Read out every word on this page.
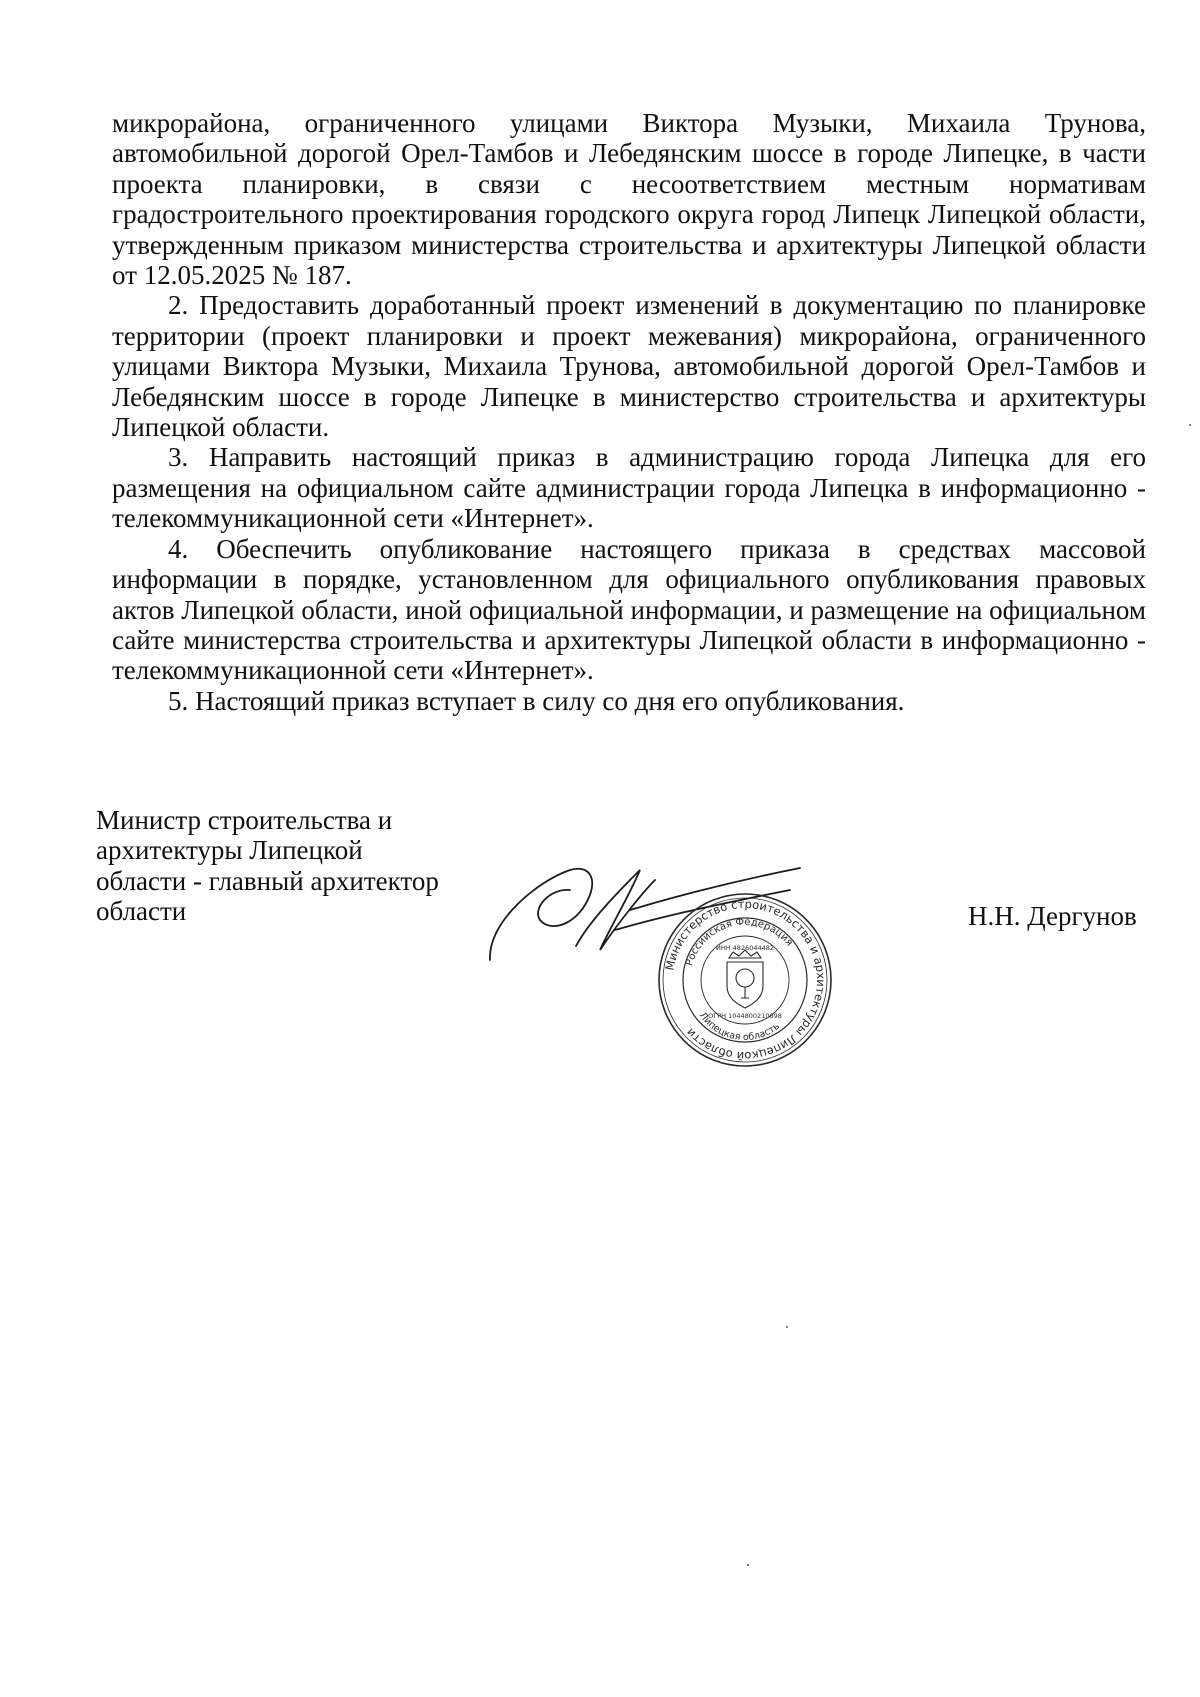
микрорайона, ограниченного улицами Виктора Музыки, Михаила Трунова, автомобильной дорогой Орел-Тамбов и Лебедянским шоссе в городе Липецке, в части проекта планировки, в связи с несоответствием местным нормативам градостроительного проектирования городского округа город Липецк Липецкой области, утвержденным приказом министерства строительства и архитектуры Липецкой области от 12.05.2025 № 187.

2. Предоставить доработанный проект изменений в документацию по планировке территории (проект планировки и проект межевания) микрорайона, ограниченного улицами Виктора Музыки, Михаила Трунова, автомобильной дорогой Орел-Тамбов и Лебедянским шоссе в городе Липецке в министерство строительства и архитектуры Липецкой области.

3. Направить настоящий приказ в администрацию города Липецка для его размещения на официальном сайте администрации города Липецка в информационно - телекоммуникационной сети «Интернет».

4. Обеспечить опубликование настоящего приказа в средствах массовой информации в порядке, установленном для официального опубликования правовых актов Липецкой области, иной официальной информации, и размещение на официальном сайте министерства строительства и архитектуры Липецкой области в информационно - телекоммуникационной сети «Интернет».

5. Настоящий приказ вступает в силу со дня его опубликования.

Министр строительства и
архитектуры Липецкой
области - главный архитектор
области
Министерство строительства и архитектуры Липецкой области
Российская Федерация
Липецкая область
ИНН 4826044482
ОГРН 1044800210698
Н.Н. Дергунов
